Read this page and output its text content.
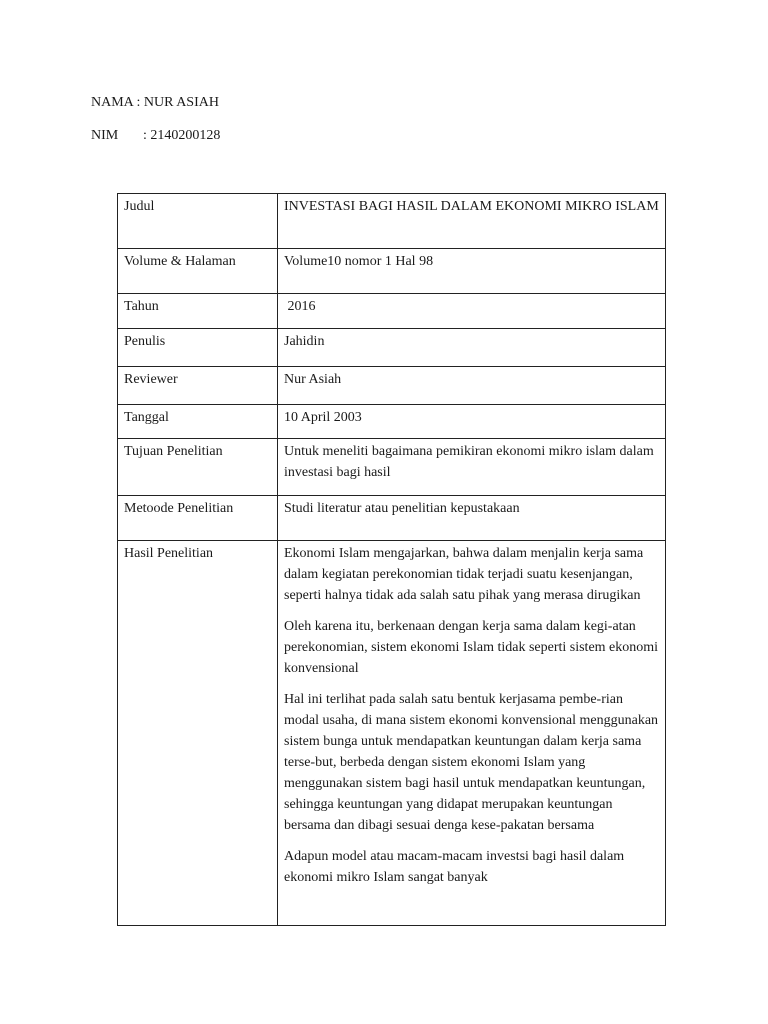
NAMA : NUR ASIAH
NIM : 2140200128
Judul	INVESTASI BAGI HASIL DALAM EKONOMI MIKRO ISLAM
Volume & Halaman	Volume10 nomor 1 Hal 98
Tahun	2016
Penulis	Jahidin
Reviewer	Nur Asiah
Tanggal	10 April 2003
Tujuan Penelitian	Untuk meneliti bagaimana pemikiran ekonomi mikro islam dalam investasi bagi hasil
Metoode Penelitian	Studi literatur atau penelitian kepustakaan
Hasil Penelitian	Ekonomi Islam mengajarkan, bahwa dalam menjalin kerja sama dalam kegiatan perekonomian tidak terjadi suatu kesenjangan, seperti halnya tidak ada salah satu pihak yang merasa dirugikan

Oleh karena itu, berkenaan dengan kerja sama dalam kegi-atan perekonomian, sistem ekonomi Islam tidak seperti sistem ekonomi konvensional

Hal ini terlihat pada salah satu bentuk kerjasama pembe-rian modal usaha, di mana sistem ekonomi konvensional menggunakan sistem bunga untuk mendapatkan keuntungan dalam kerja sama terse-but, berbeda dengan sistem ekonomi Islam yang menggunakan sistem bagi hasil untuk mendapatkan keuntungan, sehingga keuntungan yang didapat merupakan keuntungan bersama dan dibagi sesuai denga kese-pakatan bersama

Adapun model atau macam-macam investsi bagi hasil dalam ekonomi mikro Islam sangat banyak
